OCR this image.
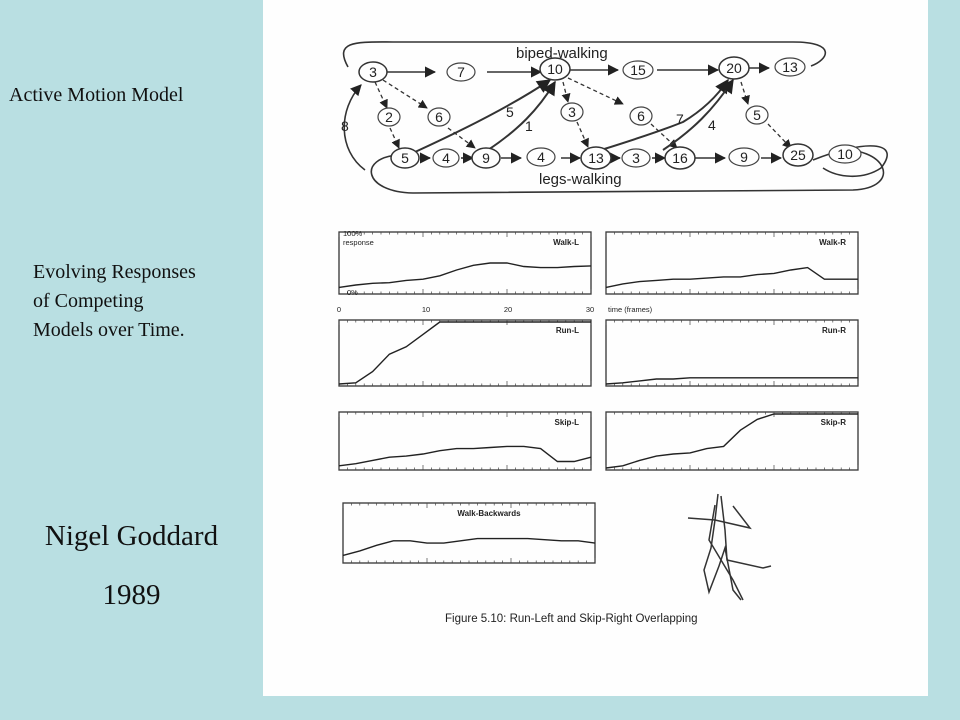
Active Motion Model
Evolving Responses
of Competing
Models over Time.
Nigel Goddard
1989
3	10	20
5	9	13	16	25
7	15	13
2	6	3	6	5
4	4	3	9	10
5
1	7 4
8
biped-walking
legs-walking
Walk-L	Walk-R
Run-L	Run-R
Skip-L	Skip-R
Walk-Backwards
100%
response
0%
0	10	20	30 time (frames)
Figure 5.10: Run-Left and Skip-Right Overlapping
